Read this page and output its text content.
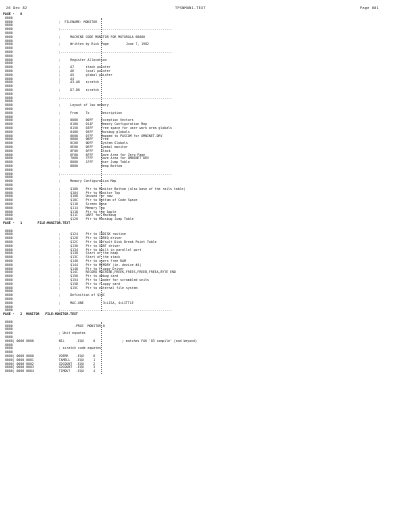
26 Dec 82	TPSNMON1.TEXT	Page 001
PAGE -   0
0000
0000                        ;  FILENAME: MONITOR
0000
0000                        ;----------------------------------------------------------
0000
0000                        ;     MACHINE CODE MONITOR FOR MOTOROLA 68000
0000
0000                        ;     Written by Rick Page         June 7, 1982
0000
0000                        ;----------------------------------------------------------
0000
0000                        ;     Register Allocation
0000
0000                        ;     A7      stack pointer
0000                        ;     A6      local pointer
0000                        ;     A5      global pointer
0000                        ;     A4
0000                        ;     A3-A0   scratch
0000
0000                        ;     D7-D0   scratch
0000
0000                        ;----------------------------------------------------------
0000
0000                        ;     Layout of low memory
0000
0000                        ;     From    To      Description
0000
0000                        ;     0000    00FF    Exception Vectors
0000                        ;     0100    014F    Memory Configuration Map
0000                        ;     0150    03FF    Free space for user work area globals
0000                        ;     0400    05FF    Macsbug globals
0000                        ;     0600    07FF    Mapped to PASCOM for OMNINET.DRV
0000                        ;     0800    0BFF    Free
0000                        ;     0C00    0DFF    System Globals
0000                        ;     0E00    0EFF    Symbol monitor
0000                        ;     0F00    0FFF    Stack
0000                        ;     6F00    6FFF    Save Area for Zero Page
0000                        ;     7000    7FFF    Save Area for OMNINET DRV
0000                        ;     8000    1FFF    User Jump Table
0000                        ;     8800            Heap Bottom
0000
0000                        ;----------------------------------------------------------
0000
0000                        ;     Memory Configuration Map
0000
0000                        ;     $100    Ptr to Monitor Bottom (also base of the rails table)
0000                        ;     $104    Ptr to Monitor Top
0000                        ;     $108    Unused for now
0000                        ;     $10C    Ptr to Bottom of Code Space
0000                        ;     $110    Screen Base
0000                        ;     $114    Memory Top
0000                        ;     $118    Ptr to the Apple
0000                        ;     $11C    UART for Macsbug
0000                        ;     $120    Ptr to Macsbug Jump Table
PAGE -   1        FILE:MONITOR.TEXT
0000
0000                        ;     $124    Ptr to IODISK routine
0000                        ;     $128    Ptr to IOREQ driver
0000                        ;     $12C    Ptr to Default Disk Break Point Table
0000                        ;     $130    Ptr to UART driver
0000                        ;     $134    Ptr to built in parallel port
0000                        ;     $138    Start of the heap
0000                        ;     $13C    Start of the stack
0000                        ;     $140    Ptr to users free RAM
0000                        ;     $144    Ptr to MEMORY (ie. device #4)
0000                        ;     $148    Ptr to Floppy Driver
0000                        ;     $14C    RECORD MACHINE,FREEK,FREES,FREEB,FREEA,BYTE END
0000                        ;     $150    Ptr to debug card
0000                        ;     $154    Ptr to loader for scrambled units
0000                        ;     $158    Ptr to floppy card
0000                        ;     $15C    Ptr to external file system
0000
0000                        ;     Definition of $14C
0000
0000                        ;     MAC-ONE          3=LISA, 4=LITTLE
0000
0000                        ;----------------------------------------------------------
PAGE -   2  MONITOR   FILE:MONITOR.TEXT
0000
0000                                .PROC  MONITOR,0
0000
0000                        ; Unit equates
0000
0000| 0000 0000             NIL      .EQU     0              ; matches FAK '83 compile' (and beyond)
0000
0000                        ; scratch code equates
0000
0000| 0000 0000             VOERR    .EQU     0
0000| 0000 0001             TAMELL   .EQU     1
0000| 0000 0002             CDCOUNT  .EQU     2
0000| 0000 0003             CDCOUNT  .EQU     3
0000| 0000 0004             TIMOUT   .EQU     4
